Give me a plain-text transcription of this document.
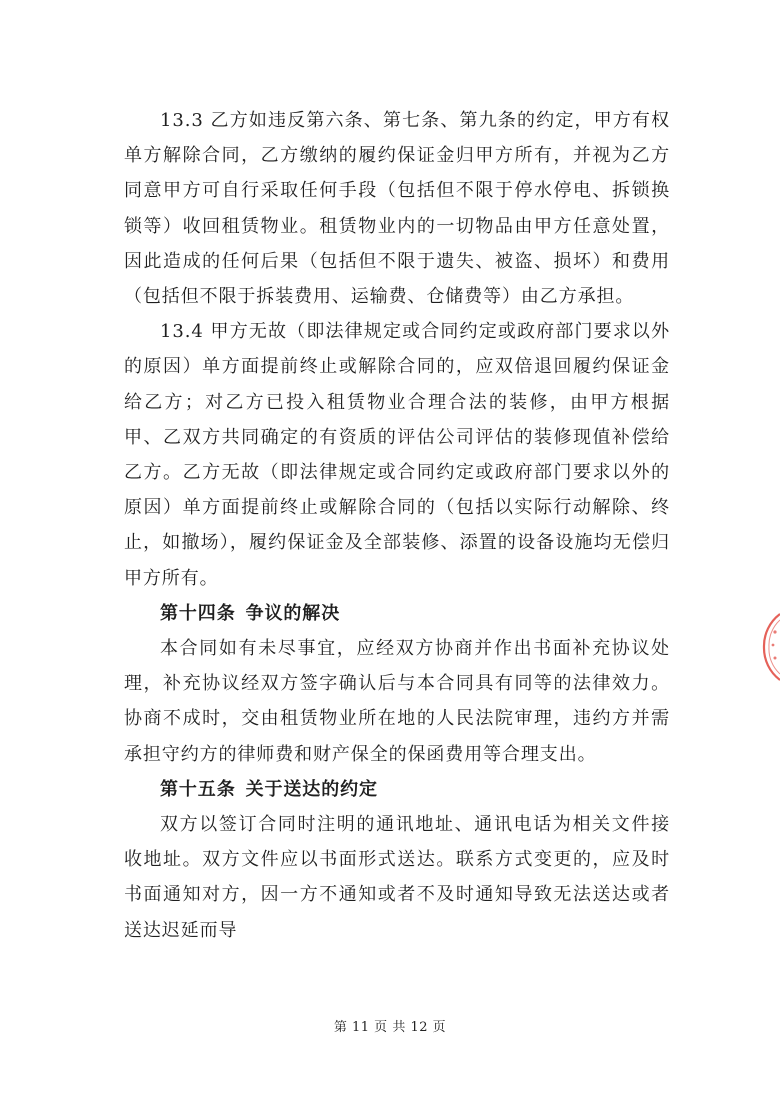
13.3 乙方如违反第六条、第七条、第九条的约定，甲方有权单方解除合同，乙方缴纳的履约保证金归甲方所有，并视为乙方同意甲方可自行采取任何手段（包括但不限于停水停电、拆锁换锁等）收回租赁物业。租赁物业内的一切物品由甲方任意处置，因此造成的任何后果（包括但不限于遗失、被盗、损坏）和费用（包括但不限于拆装费用、运输费、仓储费等）由乙方承担。

13.4 甲方无故（即法律规定或合同约定或政府部门要求以外的原因）单方面提前终止或解除合同的，应双倍退回履约保证金给乙方；对乙方已投入租赁物业合理合法的装修，由甲方根据甲、乙双方共同确定的有资质的评估公司评估的装修现值补偿给乙方。乙方无故（即法律规定或合同约定或政府部门要求以外的原因）单方面提前终止或解除合同的（包括以实际行动解除、终止，如撤场），履约保证金及全部装修、添置的设备设施均无偿归甲方所有。

第十四条 争议的解决

本合同如有未尽事宜，应经双方协商并作出书面补充协议处理，补充协议经双方签字确认后与本合同具有同等的法律效力。协商不成时，交由租赁物业所在地的人民法院审理，违约方并需承担守约方的律师费和财产保全的保函费用等合理支出。

第十五条 关于送达的约定

双方以签订合同时注明的通讯地址、通讯电话为相关文件接收地址。双方文件应以书面形式送达。联系方式变更的，应及时书面通知对方，因一方不通知或者不及时通知导致无法送达或者送达迟延而导

第 11 页 共 12 页
